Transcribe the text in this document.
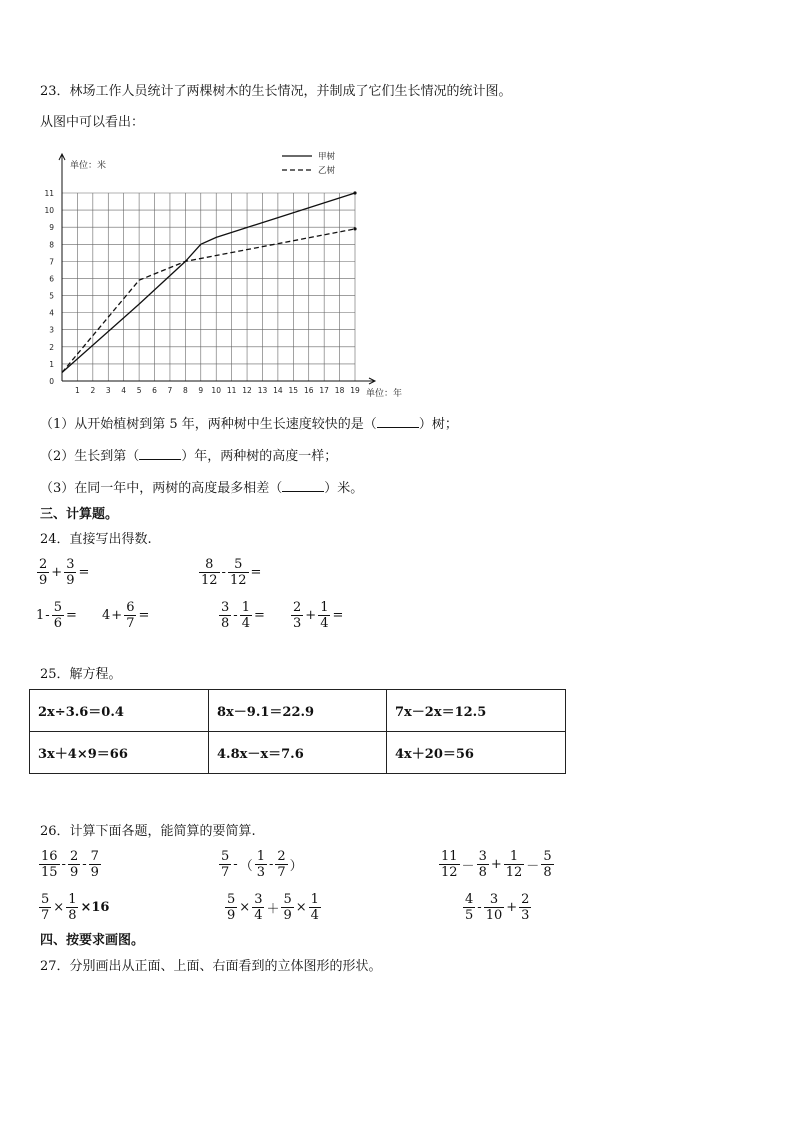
23．林场工作人员统计了两棵树木的生长情况，并制成了它们生长情况的统计图。
从图中可以看出：
1 2 3 4 5 6 7 8 9 10 11 12 13 14 15 16 17 18 19
0
1
2
3
4
5
6
7
8
9
10
11
甲树
乙树
单位：米
单位：年
（1）从开始植树到第 5 年，两种树中生长速度较快的是（	）树；
（2）生长到第（	）年，两种树的高度一样；
（3）在同一年中，两树的高度最多相差（	）米。
三、计算题。
24．直接写出得数.
$\frac{2}{9} + \frac{3}{9}$ =	$\frac{8}{12} - \frac{5}{12}$ =
$1 - \frac{5}{6} = 4 + \frac{6}{7}$ =	$\frac{3}{8} - \frac{1}{4} = \frac{2}{3} + \frac{1}{4}$ =
25．解方程。
2x÷3.6＝0.4	8x－9.1＝22.9	7x－2x＝12.5
3x＋4×9＝66	4.8x－x＝7.6	4x＋20＝56
26．计算下面各题，能简算的要简算.
$\frac{16}{15} - \frac{2}{9} - \frac{7}{9}$	$\frac{5}{7}$ - （ $\frac{1}{3} - \frac{2}{7}$ ）	$\frac{11}{12} - \frac{3}{8} + \frac{1}{12} - \frac{5}{8}$
$\frac{5}{7} \times \frac{1}{8} \times 16$	$\frac{5}{9} \times \frac{3}{4} + \frac{5}{9} \times \frac{1}{4}$	$\frac{4}{5} - \frac{3}{10} + \frac{2}{3}$
四、按要求画图。
27．分别画出从正面、上面、右面看到的立体图形的形状。
